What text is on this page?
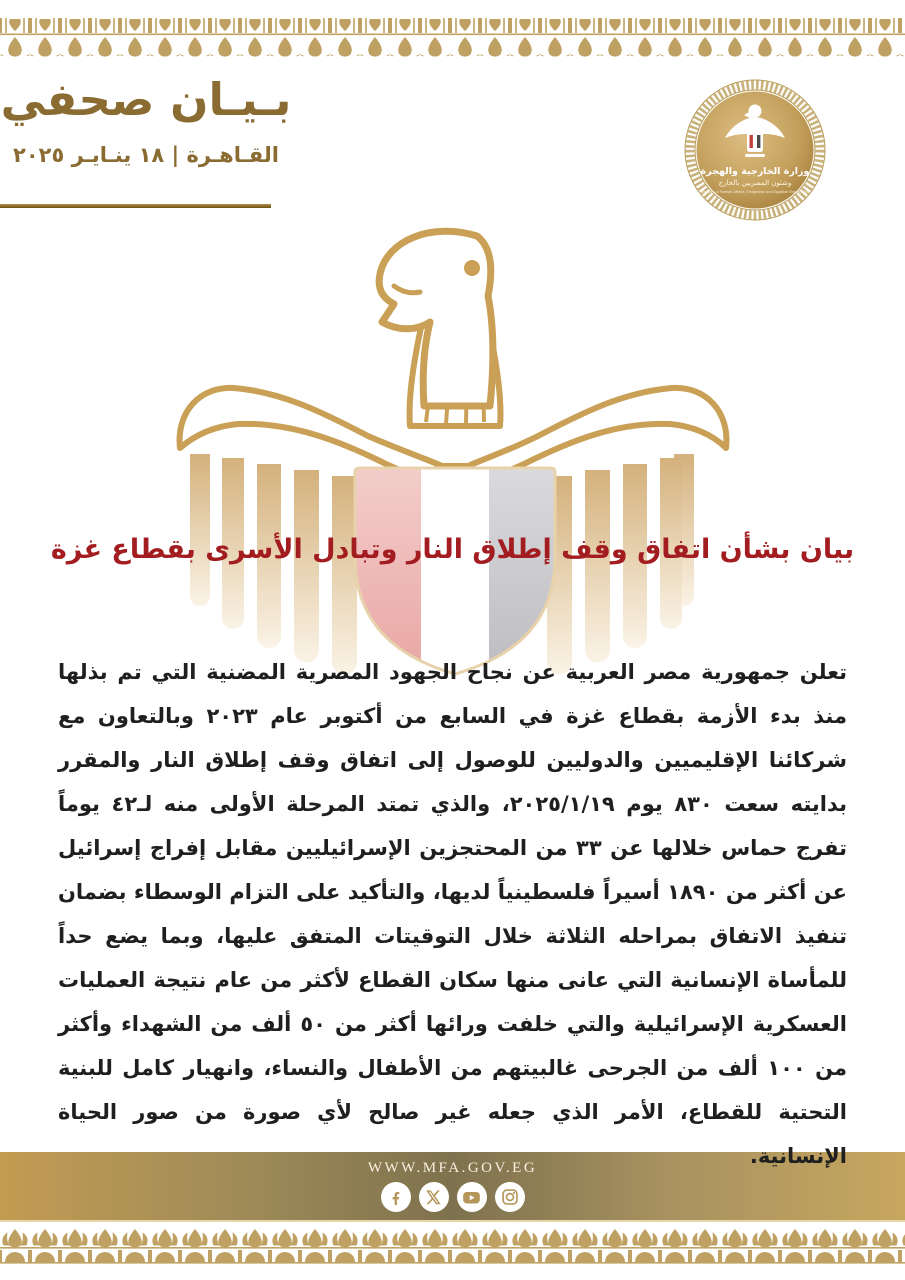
بـيـان صحفي
القـاهـرة | ١٨ ينـايـر ٢٠٢٥
وزارة الخارجية والهجرة
وشئون المصريين بالخارج
Ministry of Foreign Affairs, Emigration and Egyptian Expatriates
بيان بشأن اتفاق وقف إطلاق النار وتبادل الأسرى بقطاع غزة
تعلن جمهورية مصر العربية عن نجاح الجهود المصرية المضنية التي تم بذلها منذ بدء الأزمة بقطاع غزة في السابع من أكتوبر عام ٢٠٢٣ وبالتعاون مع شركائنا الإقليميين والدوليين للوصول إلى اتفاق وقف إطلاق النار والمقرر بدايته سعت ٨٣٠ يوم ٢٠٢٥/١/١٩، والذي تمتد المرحلة الأولى منه لـ٤٢ يوماً تفرج حماس خلالها عن ٣٣ من المحتجزين الإسرائيليين مقابل إفراج إسرائيل عن أكثر من ١٨٩٠ أسيراً فلسطينياً لديها، والتأكيد على التزام الوسطاء بضمان تنفيذ الاتفاق بمراحله الثلاثة خلال التوقيتات المتفق عليها، وبما يضع حداً للمأساة الإنسانية التي عانى منها سكان القطاع لأكثر من عام نتيجة العمليات العسكرية الإسرائيلية والتي خلفت ورائها أكثر من ٥٠ ألف من الشهداء وأكثر من ١٠٠ ألف من الجرحى غالبيتهم من الأطفال والنساء، وانهيار كامل للبنية التحتية للقطاع، الأمر الذي جعله غير صالح لأي صورة من صور الحياة الإنسانية.
WWW.MFA.GOV.EG
